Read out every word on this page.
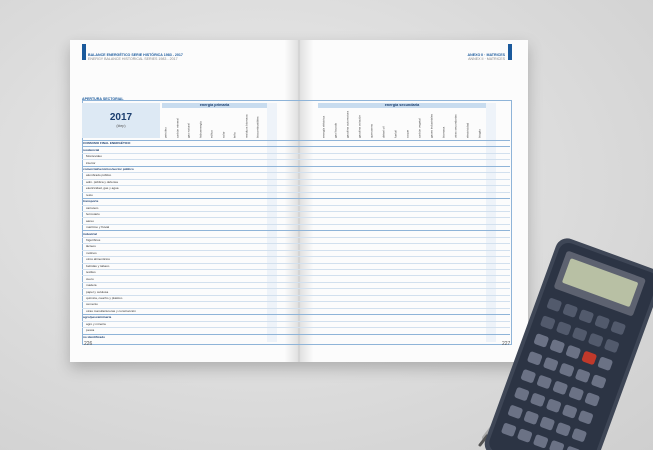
BALANCE ENERGÉTICO SERIE HISTÓRICA 1983 - 2017
ENERGY BALANCE HISTORICAL SERIES 1983 - 2017
ANEXO II · MATRICES
ANNEX II · MATRICES
APERTURA SECTORIAL
2017
(ktep)
energía primaria	energía secundaria
petróleo	carbón mineral	gas natural	hidroenergía	eólica	solar	leña	residuos biomasa	biocombustibles	energía eléctrica	gas licuado	gasolina automotora	gasolina aviación	queroseno	diésel oil	fueloil	coque	carbón vegetal	gases industriales	biomasa	otras secundarias	electricidad	biogás
CONSUMO FINAL ENERGÉTICO
residencial
Montevideo
interior
comercial/servicios/sector público
alumbrado público
adm. pública y defensa
electricidad, gas y agua
resto
transporte
carretero
ferroviario
aéreo
marítimo y fluvial
industrial
frigoríficos
lácteos
molinos
otros alimenticios
bebidas y tabaco
textiles
cuero
madera
papel y celulosa
química, caucho y plástico
cemento
otras manufactureras y construcción
agro/pesca/minería
agro y minería
pesca
no identificado
226	227
